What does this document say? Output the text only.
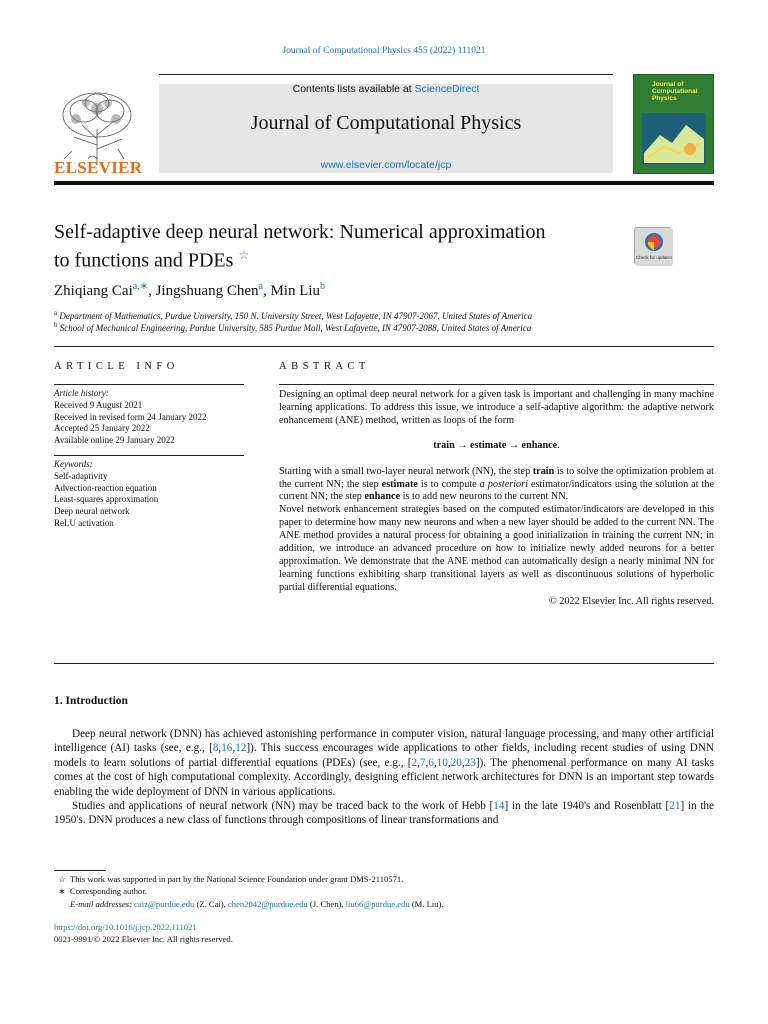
Journal of Computational Physics 455 (2022) 111021
ELSEVIER
Contents lists available at ScienceDirect
Journal of Computational Physics
www.elsevier.com/locate/jcp
Journal of
Computational
Physics
Self-adaptive deep neural network: Numerical approximation
to functions and PDEs ☆	Check for updates
Zhiqiang Cai$^{a,∗}$, Jingshuang Chen$^a$, Min Liu$^b$
$^a$ Department of Mathematics, Purdue University, 150 N. University Street, West Lafayette, IN 47907-2067, United States of America
$^b$ School of Mechanical Engineering, Purdue University, 585 Purdue Mall, West Lafayette, IN 47907-2088, United States of America
ARTICLE INFO
Article history:
Received 9 August 2021
Received in revised form 24 January 2022
Accepted 25 January 2022
Available online 29 January 2022
Keywords:
Self-adaptivity
Advection-reaction equation
Least-squares approximation
Deep neural network
ReLU activation
ABSTRACT

Designing an optimal deep neural network for a given task is important and challenging in many machine learning applications. To address this issue, we introduce a self-adaptive algorithm: the adaptive network enhancement (ANE) method, written as loops of the form

train → estimate → enhance.

Starting with a small two-layer neural network (NN), the step train is to solve the optimization problem at the current NN; the step estimate is to compute a posteriori estimator/indicators using the solution at the current NN; the step enhance is to add new neurons to the current NN.

Novel network enhancement strategies based on the computed estimator/indicators are developed in this paper to determine how many new neurons and when a new layer should be added to the current NN. The ANE method provides a natural process for obtaining a good initialization in training the current NN; in addition, we introduce an advanced procedure on how to initialize newly added neurons for a better approximation. We demonstrate that the ANE method can automatically design a nearly minimal NN for learning functions exhibiting sharp transitional layers as well as discontinuous solutions of hyperbolic partial differential equations.

© 2022 Elsevier Inc. All rights reserved.
1. Introduction

Deep neural network (DNN) has achieved astonishing performance in computer vision, natural language processing, and many other artificial intelligence (AI) tasks (see, e.g., [8,16,12]). This success encourages wide applications to other fields, including recent studies of using DNN models to learn solutions of partial differential equations (PDEs) (see, e.g., [2,7,6,10,20,23]). The phenomenal performance on many AI tasks comes at the cost of high computational complexity. Accordingly, designing efficient network architectures for DNN is an important step towards enabling the wide deployment of DNN in various applications.

Studies and applications of neural network (NN) may be traced back to the work of Hebb [14] in the late 1940's and Rosenblatt [21] in the 1950's. DNN produces a new class of functions through compositions of linear transformations and

☆ This work was supported in part by the National Science Foundation under grant DMS-2110571.
∗ Corresponding author.
E-mail addresses: caiz@purdue.edu (Z. Cai), chen2042@purdue.edu (J. Chen), liu66@purdue.edu (M. Liu).
https://doi.org/10.1016/j.jcp.2022.111021
0021-9991/© 2022 Elsevier Inc. All rights reserved.
